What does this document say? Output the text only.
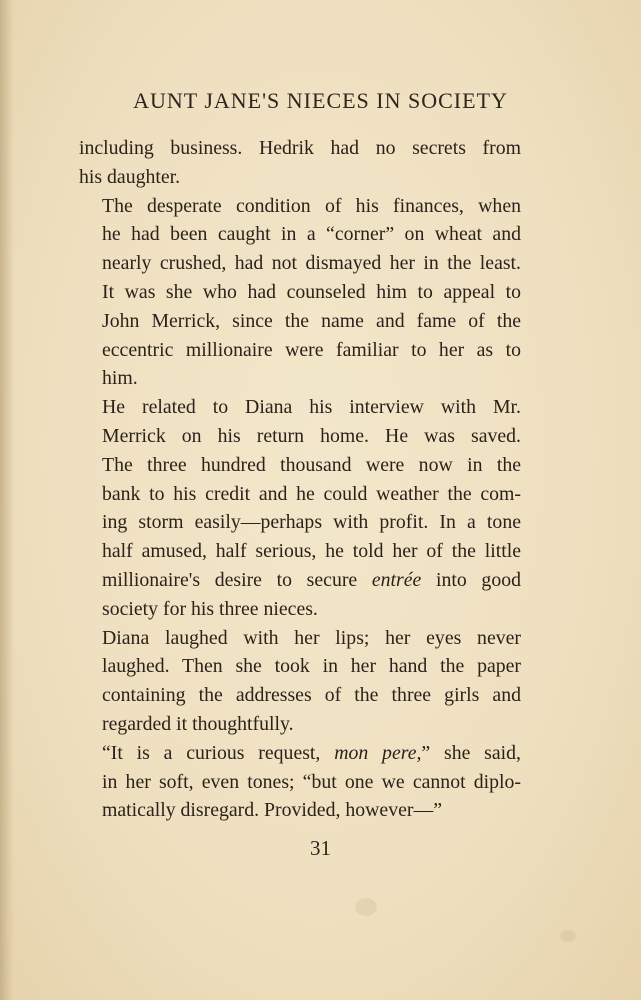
AUNT JANE'S NIECES IN SOCIETY

including business. Hedrik had no secrets from
his daughter.

The desperate condition of his finances, when
he had been caught in a “corner” on wheat and
nearly crushed, had not dismayed her in the least.
It was she who had counseled him to appeal to
John Merrick, since the name and fame of the
eccentric millionaire were familiar to her as to
him.

He related to Diana his interview with Mr.
Merrick on his return home. He was saved.
The three hundred thousand were now in the
bank to his credit and he could weather the com-
ing storm easily—perhaps with profit. In a tone
half amused, half serious, he told her of the little
millionaire's desire to secure entrée into good
society for his three nieces.

Diana laughed with her lips; her eyes never
laughed. Then she took in her hand the paper
containing the addresses of the three girls and
regarded it thoughtfully.

“It is a curious request, mon pere,” she said,
in her soft, even tones; “but one we cannot diplo-
matically disregard. Provided, however—”

31
